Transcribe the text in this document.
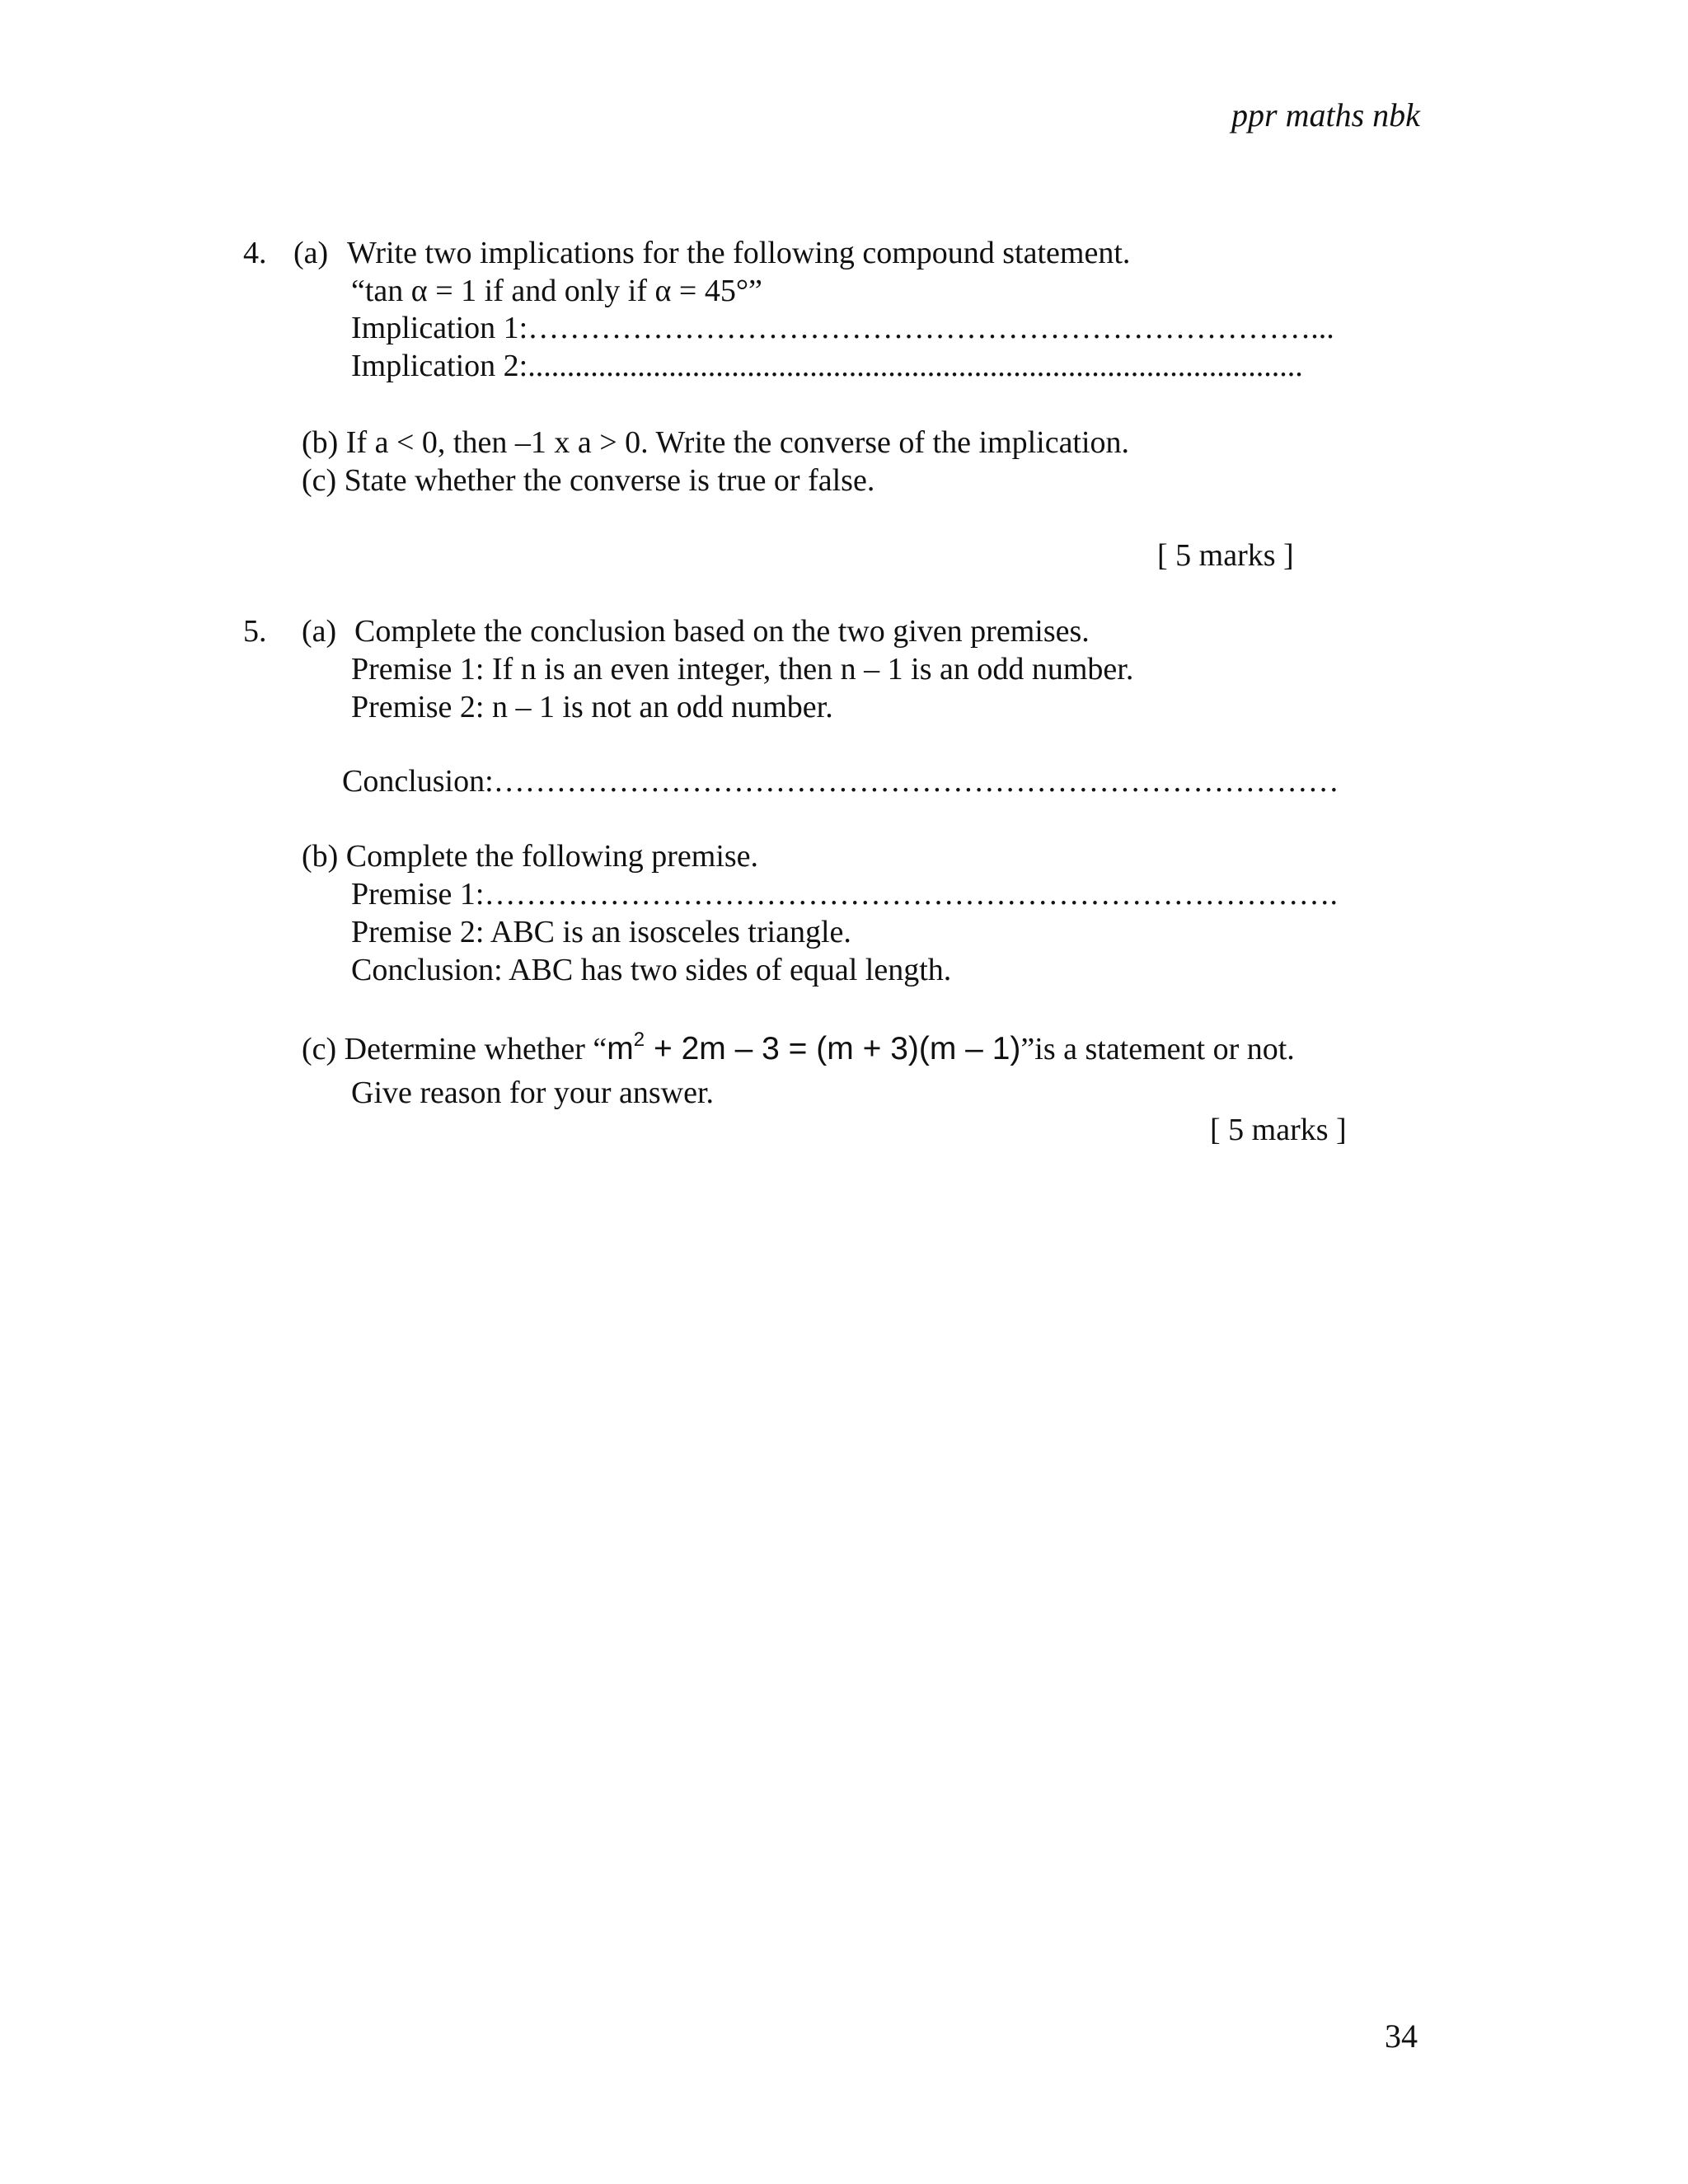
ppr maths nbk
4. (a) Write two implications for the following compound statement.
“tan α = 1 if and only if α = 45°”
Implication 1:…………………………………………………………………...
Implication 2:...................................................................................................
(b) If a < 0, then –1 x a > 0. Write the converse of the implication.
(c) State whether the converse is true or false.
[ 5 marks ]
5. (a) Complete the conclusion based on the two given premises.
Premise 1: If n is an even integer, then n – 1 is an odd number.
Premise 2: n – 1 is not an odd number.
Conclusion:………………………………………………………………………
(b) Complete the following premise.
Premise 1:……………………………………………………………………….
Premise 2: ABC is an isosceles triangle.
Conclusion: ABC has two sides of equal length.
(c) Determine whether “$m^2 + 2m - 3 = (m + 3)(m$ – 1)”is a statement or not.
Give reason for your answer.
[ 5 marks ]
34
